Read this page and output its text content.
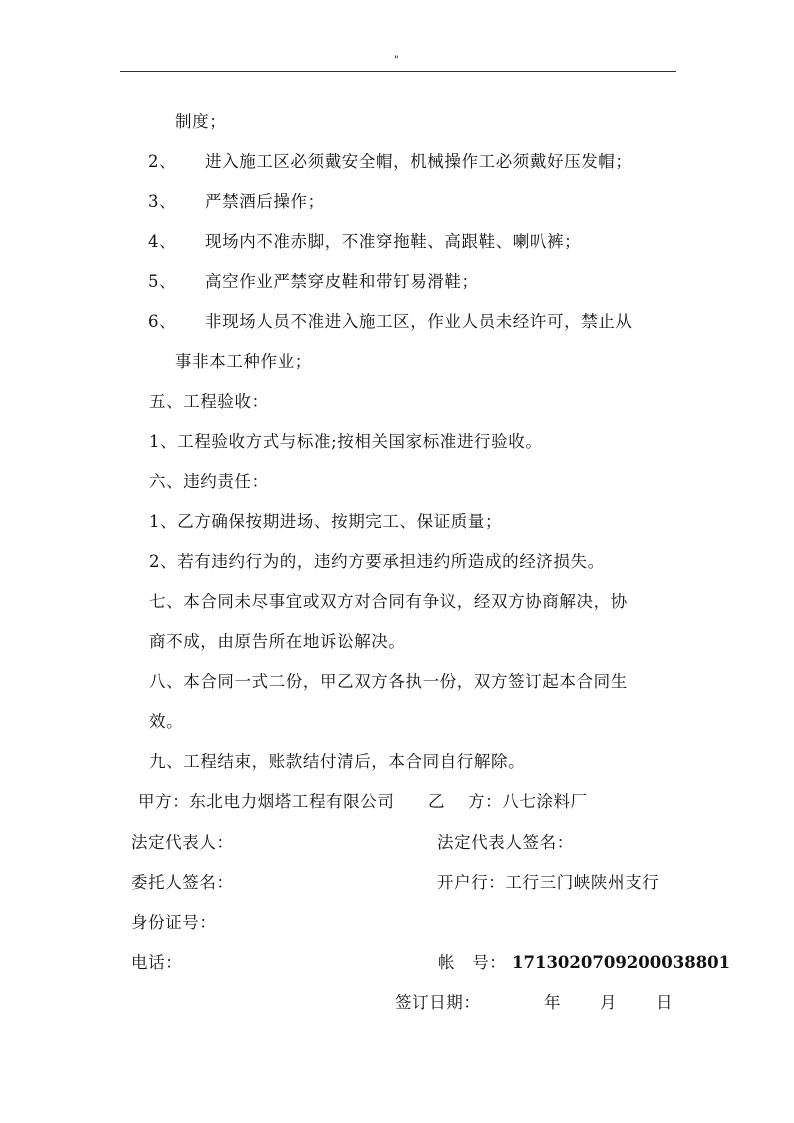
"
制度；
2、 进入施工区必须戴安全帽，机械操作工必须戴好压发帽；
3、 严禁酒后操作；
4、 现场内不准赤脚，不准穿拖鞋、高跟鞋、喇叭裤；
5、 高空作业严禁穿皮鞋和带钉易滑鞋；
6、 非现场人员不准进入施工区，作业人员未经许可，禁止从
事非本工种作业；
五、工程验收：
1、工程验收方式与标准;按相关国家标准进行验收。
六、违约责任：
1、乙方确保按期进场、按期完工、保证质量；
2、若有违约行为的，违约方要承担违约所造成的经济损失。
七、本合同未尽事宜或双方对合同有争议，经双方协商解决，协
商不成，由原告所在地诉讼解决。
八、本合同一式二份，甲乙双方各执一份，双方签订起本合同生
效。
九、工程结束，账款结付清后，本合同自行解除。
甲方：东北电力烟塔工程有限公司 乙　 方：八七涂料厂
法定代表人：	法定代表人签名：
委托人签名：	开户行：工行三门峡陕州支行
身份证号：
电话：	帐　号： 171302070920003880​1
签订日期：	年 月 日
